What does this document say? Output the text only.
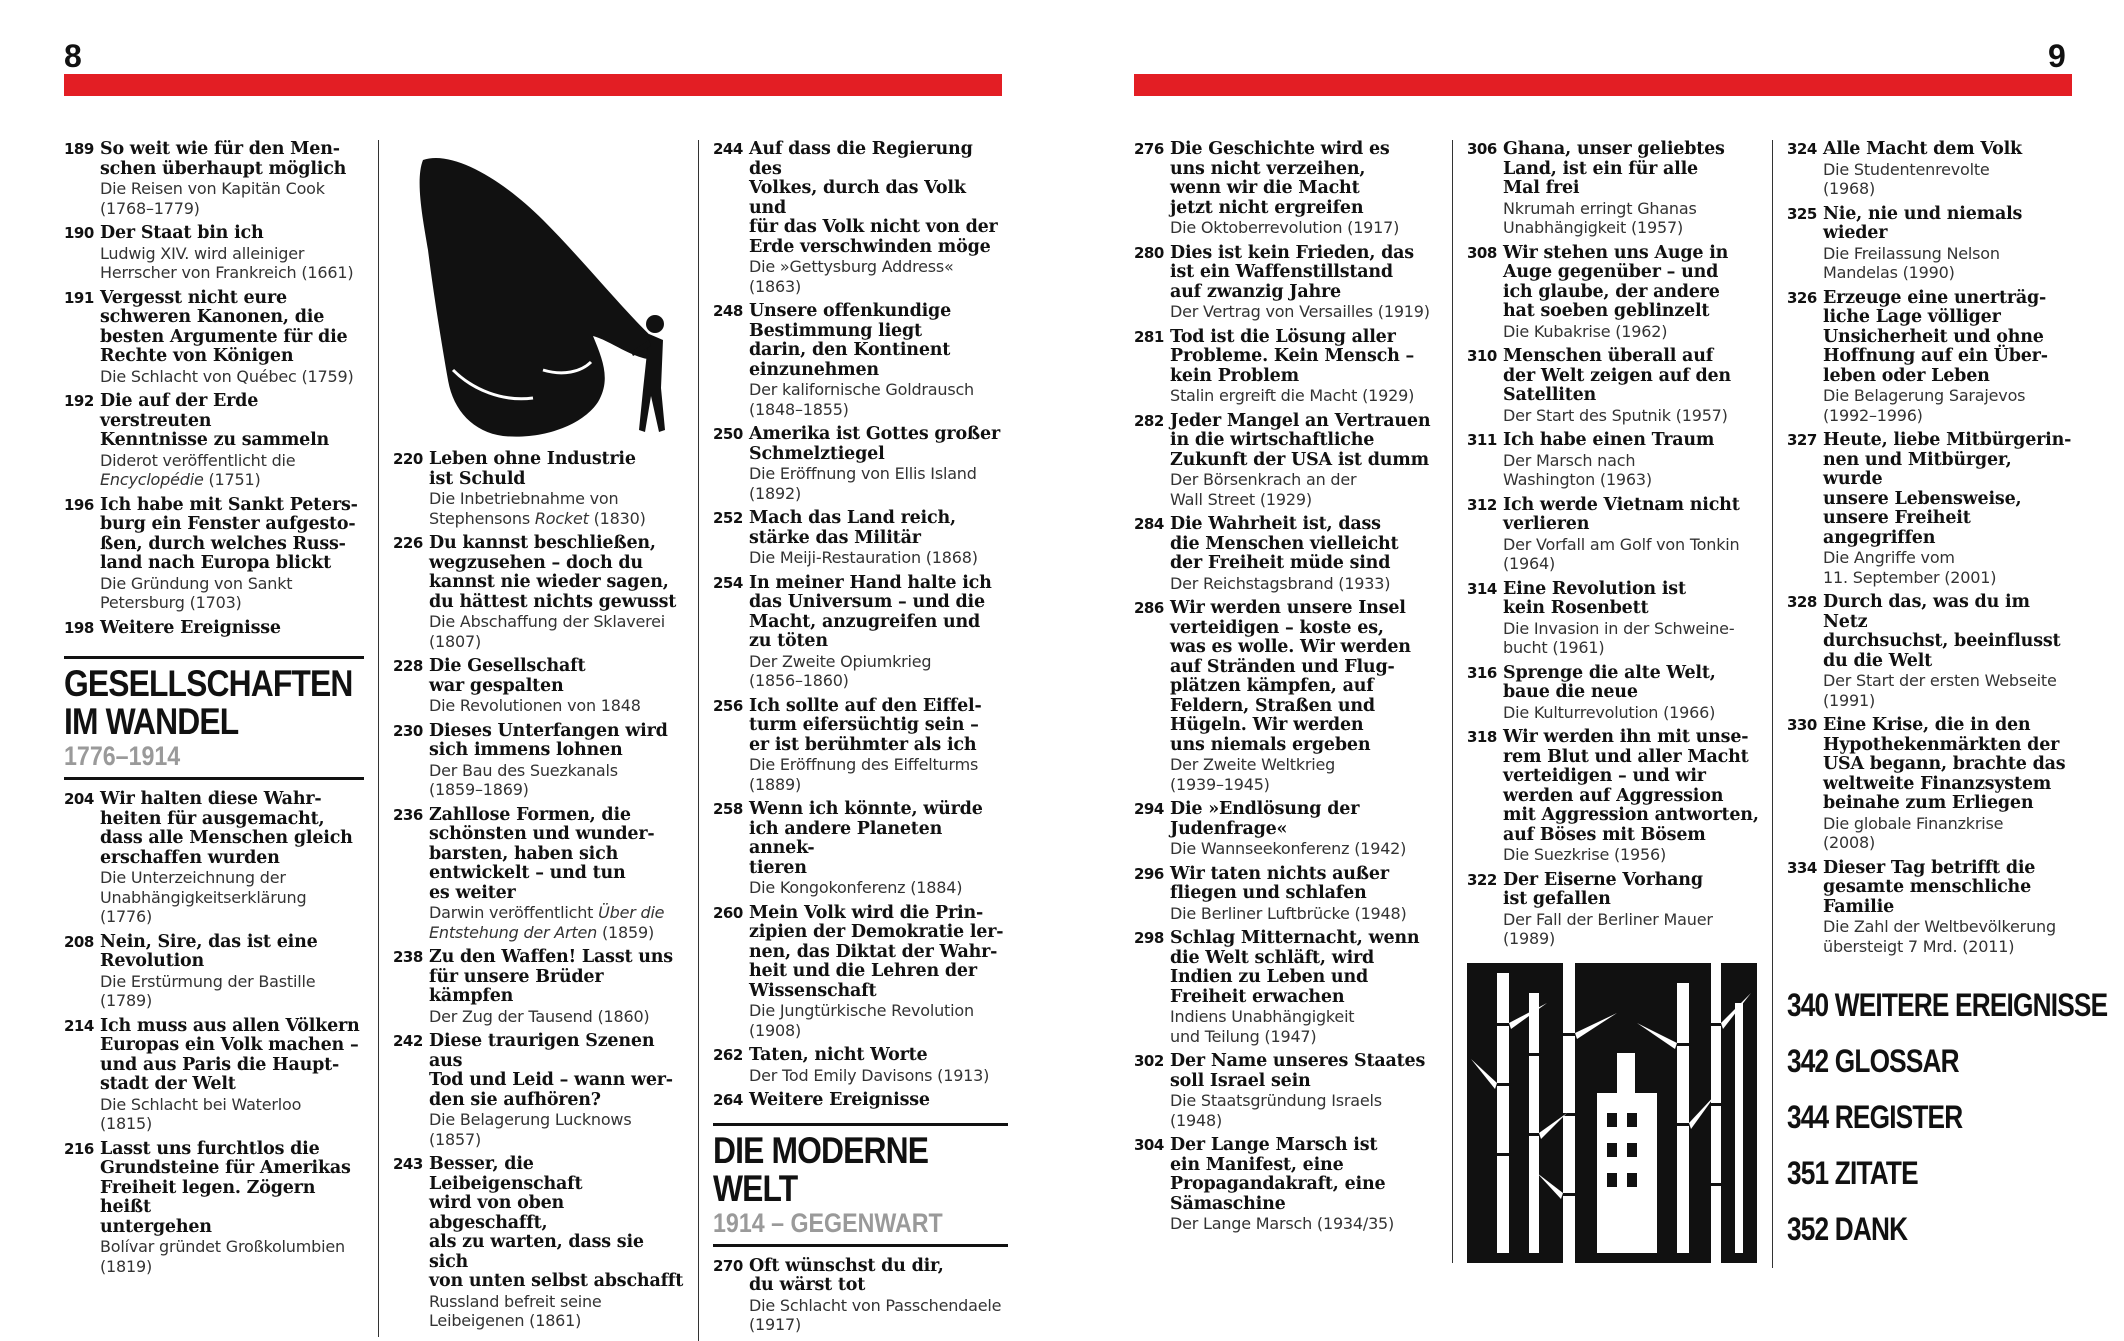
8	9
189 So weit wie für den Men-
schen überhaupt möglich
Die Reisen von Kapitän Cook
(1768–1779)
190 Der Staat bin ich
Ludwig XIV. wird alleiniger
Herrscher von Frankreich (1661)
191 Vergesst nicht eure
schweren Kanonen, die
besten Argumente für die
Rechte von Königen
Die Schlacht von Québec (1759)
192 Die auf der Erde verstreuten
Kenntnisse zu sammeln
Diderot veröffentlicht die
Encyclopédie (1751)
196 Ich habe mit Sankt Peters-
burg ein Fenster aufgesto-
ßen, durch welches Russ-
land nach Europa blickt
Die Gründung von Sankt
Petersburg (1703)
198 Weitere Ereignisse
GESELLSCHAFTEN
IM WANDEL
1776–1914
204 Wir halten diese Wahr-
heiten für ausgemacht,
dass alle Menschen gleich
erschaffen wurden
Die Unterzeichnung der
Unabhängigkeitserklärung
(1776)
208 Nein, Sire, das ist eine
Revolution
Die Erstürmung der Bastille
(1789)
214 Ich muss aus allen Völkern
Europas ein Volk machen –
und aus Paris die Haupt-
stadt der Welt
Die Schlacht bei Waterloo
(1815)
216 Lasst uns furchtlos die
Grundsteine für Amerikas
Freiheit legen. Zögern heißt
untergehen
Bolívar gründet Großkolumbien
(1819)
220 Leben ohne Industrie
ist Schuld
Die Inbetriebnahme von
Stephensons Rocket (1830)
226 Du kannst beschließen,
wegzusehen – doch du
kannst nie wieder sagen,
du hättest nichts gewusst
Die Abschaffung der Sklaverei
(1807)
228 Die Gesellschaft
war gespalten
Die Revolutionen von 1848
230 Dieses Unterfangen wird
sich immens lohnen
Der Bau des Suezkanals
(1859–1869)
236 Zahllose Formen, die
schönsten und wunder-
barsten, haben sich
entwickelt – und tun
es weiter
Darwin veröffentlicht Über die
Entstehung der Arten (1859)
238 Zu den Waffen! Lasst uns
für unsere Brüder kämpfen
Der Zug der Tausend (1860)
242 Diese traurigen Szenen aus
Tod und Leid – wann wer-
den sie aufhören?
Die Belagerung Lucknows
(1857)
243 Besser, die Leibeigenschaft
wird von oben abgeschafft,
als zu warten, dass sie sich
von unten selbst abschafft
Russland befreit seine
Leibeigenen (1861)
244 Auf dass die Regierung des
Volkes, durch das Volk und
für das Volk nicht von der
Erde verschwinden möge
Die »Gettysburg Address«
(1863)
248 Unsere offenkundige
Bestimmung liegt
darin, den Kontinent
einzunehmen
Der kalifornische Goldrausch
(1848–1855)
250 Amerika ist Gottes großer
Schmelztiegel
Die Eröffnung von Ellis Island
(1892)
252 Mach das Land reich,
stärke das Militär
Die Meiji-Restauration (1868)
254 In meiner Hand halte ich
das Universum – und die
Macht, anzugreifen und
zu töten
Der Zweite Opiumkrieg
(1856–1860)
256 Ich sollte auf den Eiffel-
turm eifersüchtig sein –
er ist berühmter als ich
Die Eröffnung des Eiffelturms
(1889)
258 Wenn ich könnte, würde
ich andere Planeten annek-
tieren
Die Kongokonferenz (1884)
260 Mein Volk wird die Prin-
zipien der Demokratie ler-
nen, das Diktat der Wahr-
heit und die Lehren der
Wissenschaft
Die Jungtürkische Revolution
(1908)
262 Taten, nicht Worte
Der Tod Emily Davisons (1913)
264 Weitere Ereignisse
DIE MODERNE WELT
1914 – GEGENWART
270 Oft wünschst du dir,
du wärst tot
Die Schlacht von Passchendaele
(1917)
276 Die Geschichte wird es
uns nicht verzeihen,
wenn wir die Macht
jetzt nicht ergreifen
Die Oktoberrevolution (1917)
280 Dies ist kein Frieden, das
ist ein Waffenstillstand
auf zwanzig Jahre
Der Vertrag von Versailles (1919)
281 Tod ist die Lösung aller
Probleme. Kein Mensch –
kein Problem
Stalin ergreift die Macht (1929)
282 Jeder Mangel an Vertrauen
in die wirtschaftliche
Zukunft der USA ist dumm
Der Börsenkrach an der
Wall Street (1929)
284 Die Wahrheit ist, dass
die Menschen vielleicht
der Freiheit müde sind
Der Reichstagsbrand (1933)
286 Wir werden unsere Insel
verteidigen – koste es,
was es wolle. Wir werden
auf Stränden und Flug-
plätzen kämpfen, auf
Feldern, Straßen und
Hügeln. Wir werden
uns niemals ergeben
Der Zweite Weltkrieg
(1939–1945)
294 Die »Endlösung der
Judenfrage«
Die Wannseekonferenz (1942)
296 Wir taten nichts außer
fliegen und schlafen
Die Berliner Luftbrücke (1948)
298 Schlag Mitternacht, wenn
die Welt schläft, wird
Indien zu Leben und
Freiheit erwachen
Indiens Unabhängigkeit
und Teilung (1947)
302 Der Name unseres Staates
soll Israel sein
Die Staatsgründung Israels
(1948)
304 Der Lange Marsch ist
ein Manifest, eine
Propagandakraft, eine
Sämaschine
Der Lange Marsch (1934/35)
306 Ghana, unser geliebtes
Land, ist ein für alle
Mal frei
Nkrumah erringt Ghanas
Unabhängigkeit (1957)
308 Wir stehen uns Auge in
Auge gegenüber – und
ich glaube, der andere
hat soeben geblinzelt
Die Kubakrise (1962)
310 Menschen überall auf
der Welt zeigen auf den
Satelliten
Der Start des Sputnik (1957)
311 Ich habe einen Traum
Der Marsch nach
Washington (1963)
312 Ich werde Vietnam nicht
verlieren
Der Vorfall am Golf von Tonkin
(1964)
314 Eine Revolution ist
kein Rosenbett
Die Invasion in der Schweine-
bucht (1961)
316 Sprenge die alte Welt,
baue die neue
Die Kulturrevolution (1966)
318 Wir werden ihn mit unse-
rem Blut und aller Macht
verteidigen – und wir
werden auf Aggression
mit Aggression antworten,
auf Böses mit Bösem
Die Suezkrise (1956)
322 Der Eiserne Vorhang
ist gefallen
Der Fall der Berliner Mauer
(1989)
324 Alle Macht dem Volk
Die Studentenrevolte
(1968)
325 Nie, nie und niemals
wieder
Die Freilassung Nelson
Mandelas (1990)
326 Erzeuge eine unerträg-
liche Lage völliger
Unsicherheit und ohne
Hoffnung auf ein Über-
leben oder Leben
Die Belagerung Sarajevos
(1992–1996)
327 Heute, liebe Mitbürgerin-
nen und Mitbürger, wurde
unsere Lebensweise,
unsere Freiheit angegriffen
Die Angriffe vom
11. September (2001)
328 Durch das, was du im Netz
durchsuchst, beeinflusst
du die Welt
Der Start der ersten Webseite
(1991)
330 Eine Krise, die in den
Hypothekenmärkten der
USA begann, brachte das
weltweite Finanzsystem
beinahe zum Erliegen
Die globale Finanzkrise
(2008)
334 Dieser Tag betrifft die
gesamte menschliche
Familie
Die Zahl der Weltbevölkerung
übersteigt 7 Mrd. (2011)
340 WEITERE EREIGNISSE
342 GLOSSAR
344 REGISTER
351 ZITATE
352 DANK
